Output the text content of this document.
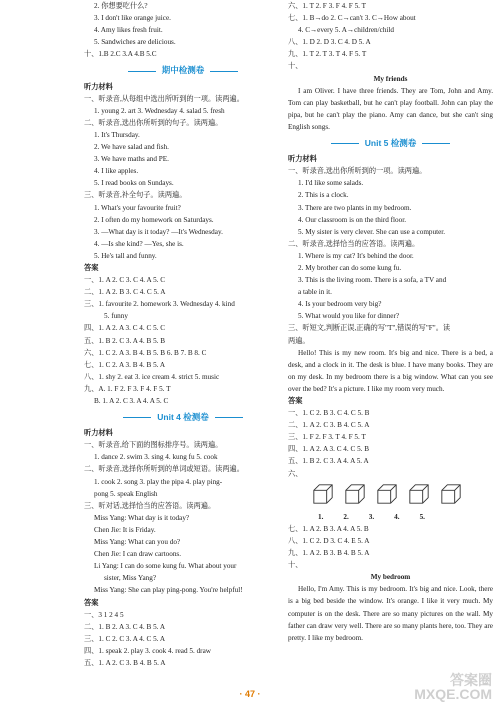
2. 你想要吃什么?
3. I don't like orange juice.
4. Amy likes fresh fruit.
5. Sandwiches are delicious.
十、1.B 2.C 3.A 4.B 5.C
期中检测卷
听力材料
一、听录音,从每组中选出所听到的一项。读两遍。
1. young 2. art 3. Wednesday 4. salad 5. fresh
二、听录音,选出你所听到的句子。读两遍。
1. It's Thursday.
2. We have salad and fish.
3. We have maths and PE.
4. I like apples.
5. I read books on Sundays.
三、听录音,补全句子。读两遍。
1. What's your favourite fruit?
2. I often do my homework on Saturdays.
3. —What day is it today? —It's Wednesday.
4. —Is she kind? —Yes, she is.
5. He's tall and funny.
答案
一、1. A 2. C 3. C 4. A 5. C
二、1. A 2. B 3. C 4. C 5. A
三、1. favourite 2. homework 3. Wednesday 4. kind
5. funny
四、1. A 2. A 3. C 4. C 5. C
五、1. B 2. C 3. A 4. B 5. B
六、1. C 2. A 3. B 4. B 5. B 6. B 7. B 8. C
七、1. C 2. A 3. B 4. B 5. A
八、1. shy 2. eat 3. ice cream 4. strict 5. music
九、A. 1. F 2. F 3. F 4. F 5. T
B. 1. A 2. C 3. A 4. A 5. C
Unit 4 检测卷
听力材料
一、听录音,给下面的图标排序号。读两遍。
1. dance 2. swim 3. sing 4. kung fu 5. cook
二、听录音,选择你所听到的单词或短语。读两遍。
1. cook 2. song 3. play the pipa 4. play ping-
pong 5. speak English
三、听对话,选择恰当的应答语。读两遍。
Miss Yang: What day is it today?
Chen Jie: It is Friday.
Miss Yang: What can you do?
Chen Jie: I can draw cartoons.
Li Yang: I can do some kung fu. What about your
sister, Miss Yang?
Miss Yang: She can play ping-pong. You're helpful!
答案
一、3 1 2 4 5
二、1. B 2. A 3. C 4. B 5. A
三、1. C 2. C 3. A 4. C 5. A
四、1. speak 2. play 3. cook 4. read 5. draw
五、1. A 2. C 3. B 4. B 5. A
六、1. T 2. F 3. F 4. F 5. T
七、1. B→do 2. C→can't 3. C→How about
4. C→every 5. A→children/child
八、1. D 2. D 3. C 4. D 5. A
九、1. T 2. T 3. T 4. F 5. T
十、
My friends
I am Oliver. I have three friends. They are Tom, John and Amy. Tom can play basketball, but he can't play football. John can play the pipa, but he can't play the piano. Amy can dance, but she can't sing English songs.
Unit 5 检测卷
听力材料
一、听录音,选出你所听到的一项。读两遍。
1. I'd like some salads.
2. This is a clock.
3. There are two plants in my bedroom.
4. Our classroom is on the third floor.
5. My sister is very clever. She can use a computer.
二、听录音,选择恰当的应答语。读两遍。
1. Where is my cat? It's behind the door.
2. My brother can do some kung fu.
3. This is the living room. There is a sofa, a TV and
a table in it.
4. Is your bedroom very big?
5. What would you like for dinner?
三、听短文,判断正误,正确的写"T",错误的写"F"。读
两遍。
Hello! This is my new room. It's big and nice. There is a bed, a desk, and a clock in it. The desk is blue. I have many books. They are on my desk. In my bedroom there is a big window. What can you see over the bed? It's a picture. I like my room very much.
答案
一、1. C 2. B 3. C 4. C 5. B
二、1. A 2. C 3. B 4. C 5. A
三、1. F 2. F 3. T 4. F 5. T
四、1. A 2. A 3. C 4. C 5. B
五、1. B 2. C 3. A 4. A 5. A
六、
1.	2.	3.	4.	5.
七、1. A 2. B 3. A 4. A 5. B
八、1. C 2. D 3. C 4. E 5. A
九、1. A 2. B 3. B 4. B 5. A
十、
My bedroom
Hello, I'm Amy. This is my bedroom. It's big and nice. Look, there is a big bed beside the window. It's orange. I like it very much. My computer is on the desk. There are so many pictures on the wall. My father can draw very well. There are so many plants here, too. They are pretty. I like my bedroom.
· 47 ·
答案圈
MXQE.COM
